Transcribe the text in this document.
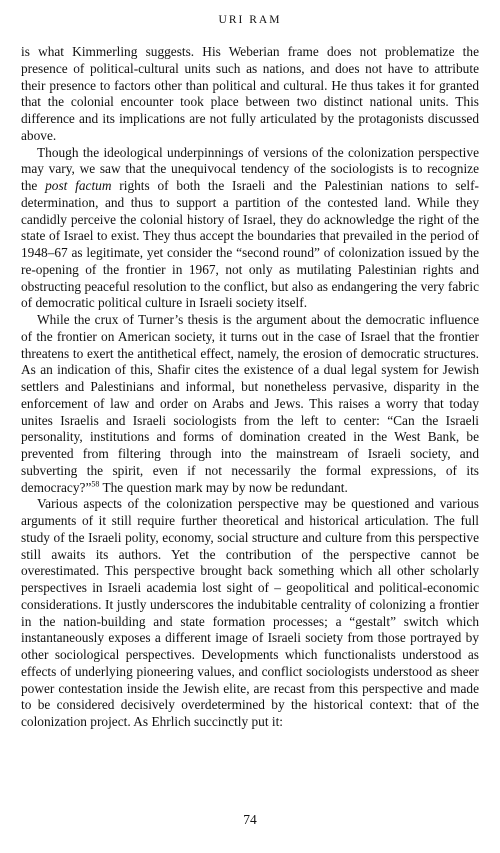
URI RAM

is what Kimmerling suggests. His Weberian frame does not problematize the presence of political-cultural units such as nations, and does not have to attribute their presence to factors other than political and cultural. He thus takes it for granted that the colonial encounter took place between two distinct national units. This difference and its implications are not fully articulated by the protagonists discussed above.

Though the ideological underpinnings of versions of the colonization perspective may vary, we saw that the unequivocal tendency of the sociologists is to recognize the post factum rights of both the Israeli and the Palestinian nations to self-determination, and thus to support a partition of the contested land. While they candidly perceive the colonial history of Israel, they do acknowledge the right of the state of Israel to exist. They thus accept the boundaries that prevailed in the period of 1948–67 as legitimate, yet consider the “second round” of colonization issued by the re-opening of the frontier in 1967, not only as mutilating Palestinian rights and obstructing peaceful resolution to the conflict, but also as endangering the very fabric of democratic political culture in Israeli society itself.

While the crux of Turner’s thesis is the argument about the democratic influence of the frontier on American society, it turns out in the case of Israel that the frontier threatens to exert the antithetical effect, namely, the erosion of democratic structures. As an indication of this, Shafir cites the existence of a dual legal system for Jewish settlers and Palestinians and informal, but nonetheless pervasive, disparity in the enforcement of law and order on Arabs and Jews. This raises a worry that today unites Israelis and Israeli sociologists from the left to center: “Can the Israeli personality, institutions and forms of domination created in the West Bank, be prevented from filtering through into the mainstream of Israeli society, and subverting the spirit, even if not necessarily the formal expressions, of its democracy?”$^{58}$ The question mark may by now be redundant.

Various aspects of the colonization perspective may be questioned and various arguments of it still require further theoretical and historical articulation. The full study of the Israeli polity, economy, social structure and culture from this perspective still awaits its authors. Yet the contribution of the perspective cannot be overestimated. This perspective brought back something which all other scholarly perspectives in Israeli academia lost sight of – geopolitical and political-economic considerations. It justly underscores the indubitable centrality of colonizing a frontier in the nation-building and state formation processes; a “gestalt” switch which instantaneously exposes a different image of Israeli society from those portrayed by other sociological perspectives. Developments which functionalists understood as effects of underlying pioneering values, and conflict sociologists understood as sheer power contestation inside the Jewish elite, are recast from this perspective and made to be considered decisively overdetermined by the historical context: that of the colonization project. As Ehrlich succinctly put it:

74
